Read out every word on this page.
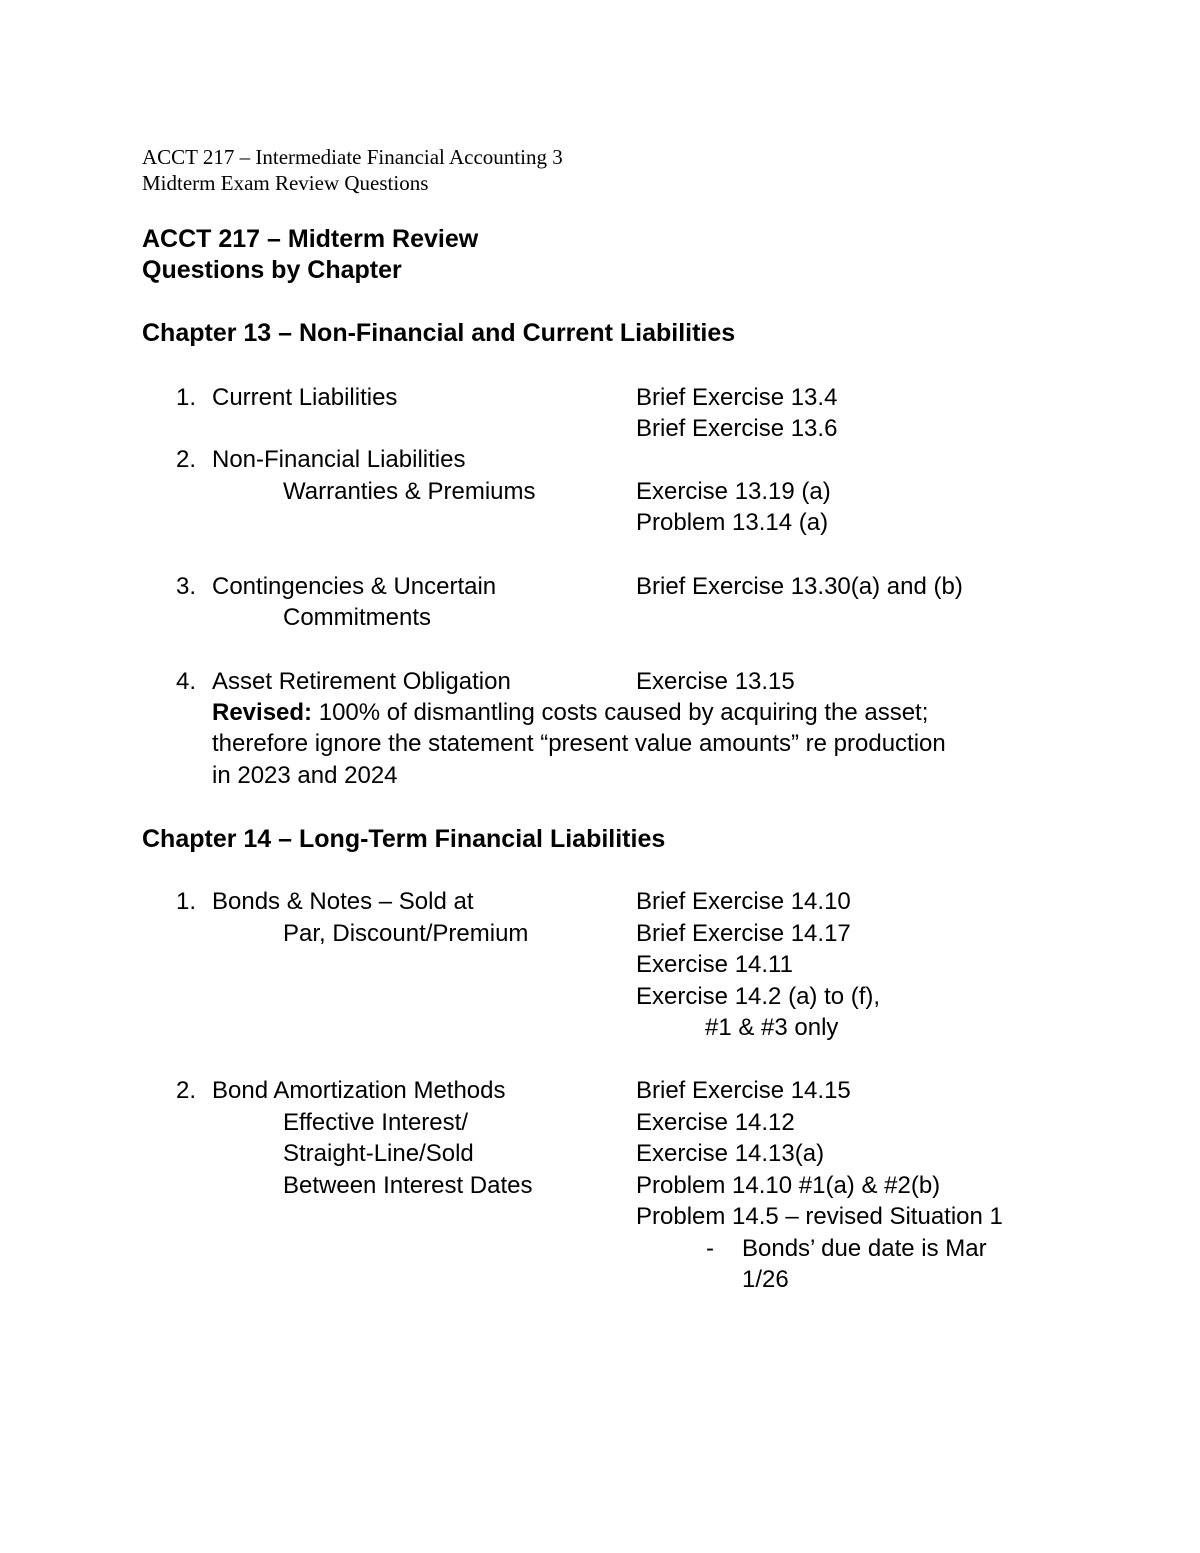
ACCT 217 – Intermediate Financial Accounting 3
Midterm Exam Review Questions
ACCT 217 – Midterm Review
Questions by Chapter
Chapter 13 – Non-Financial and Current Liabilities
1. Current Liabilities	Brief Exercise 13.4
Brief Exercise 13.6
2. Non-Financial Liabilities
Warranties & Premiums	Exercise 13.19 (a)
Problem 13.14 (a)
3. Contingencies & Uncertain	Brief Exercise 13.30(a) and (b)
Commitments
4. Asset Retirement Obligation	Exercise 13.15
Revised: 100% of dismantling costs caused by acquiring the asset;
therefore ignore the statement “present value amounts” re production
in 2023 and 2024
Chapter 14 – Long-Term Financial Liabilities
1. Bonds & Notes – Sold at	Brief Exercise 14.10
Par, Discount/Premium	Brief Exercise 14.17
Exercise 14.11
Exercise 14.2 (a) to (f),
#1 & #3 only
2. Bond Amortization Methods	Brief Exercise 14.15
Effective Interest/	Exercise 14.12
Straight-Line/Sold	Exercise 14.13(a)
Between Interest Dates	Problem 14.10 #1(a) & #2(b)
Problem 14.5 – revised Situation 1
- Bonds’ due date is Mar
1/26
